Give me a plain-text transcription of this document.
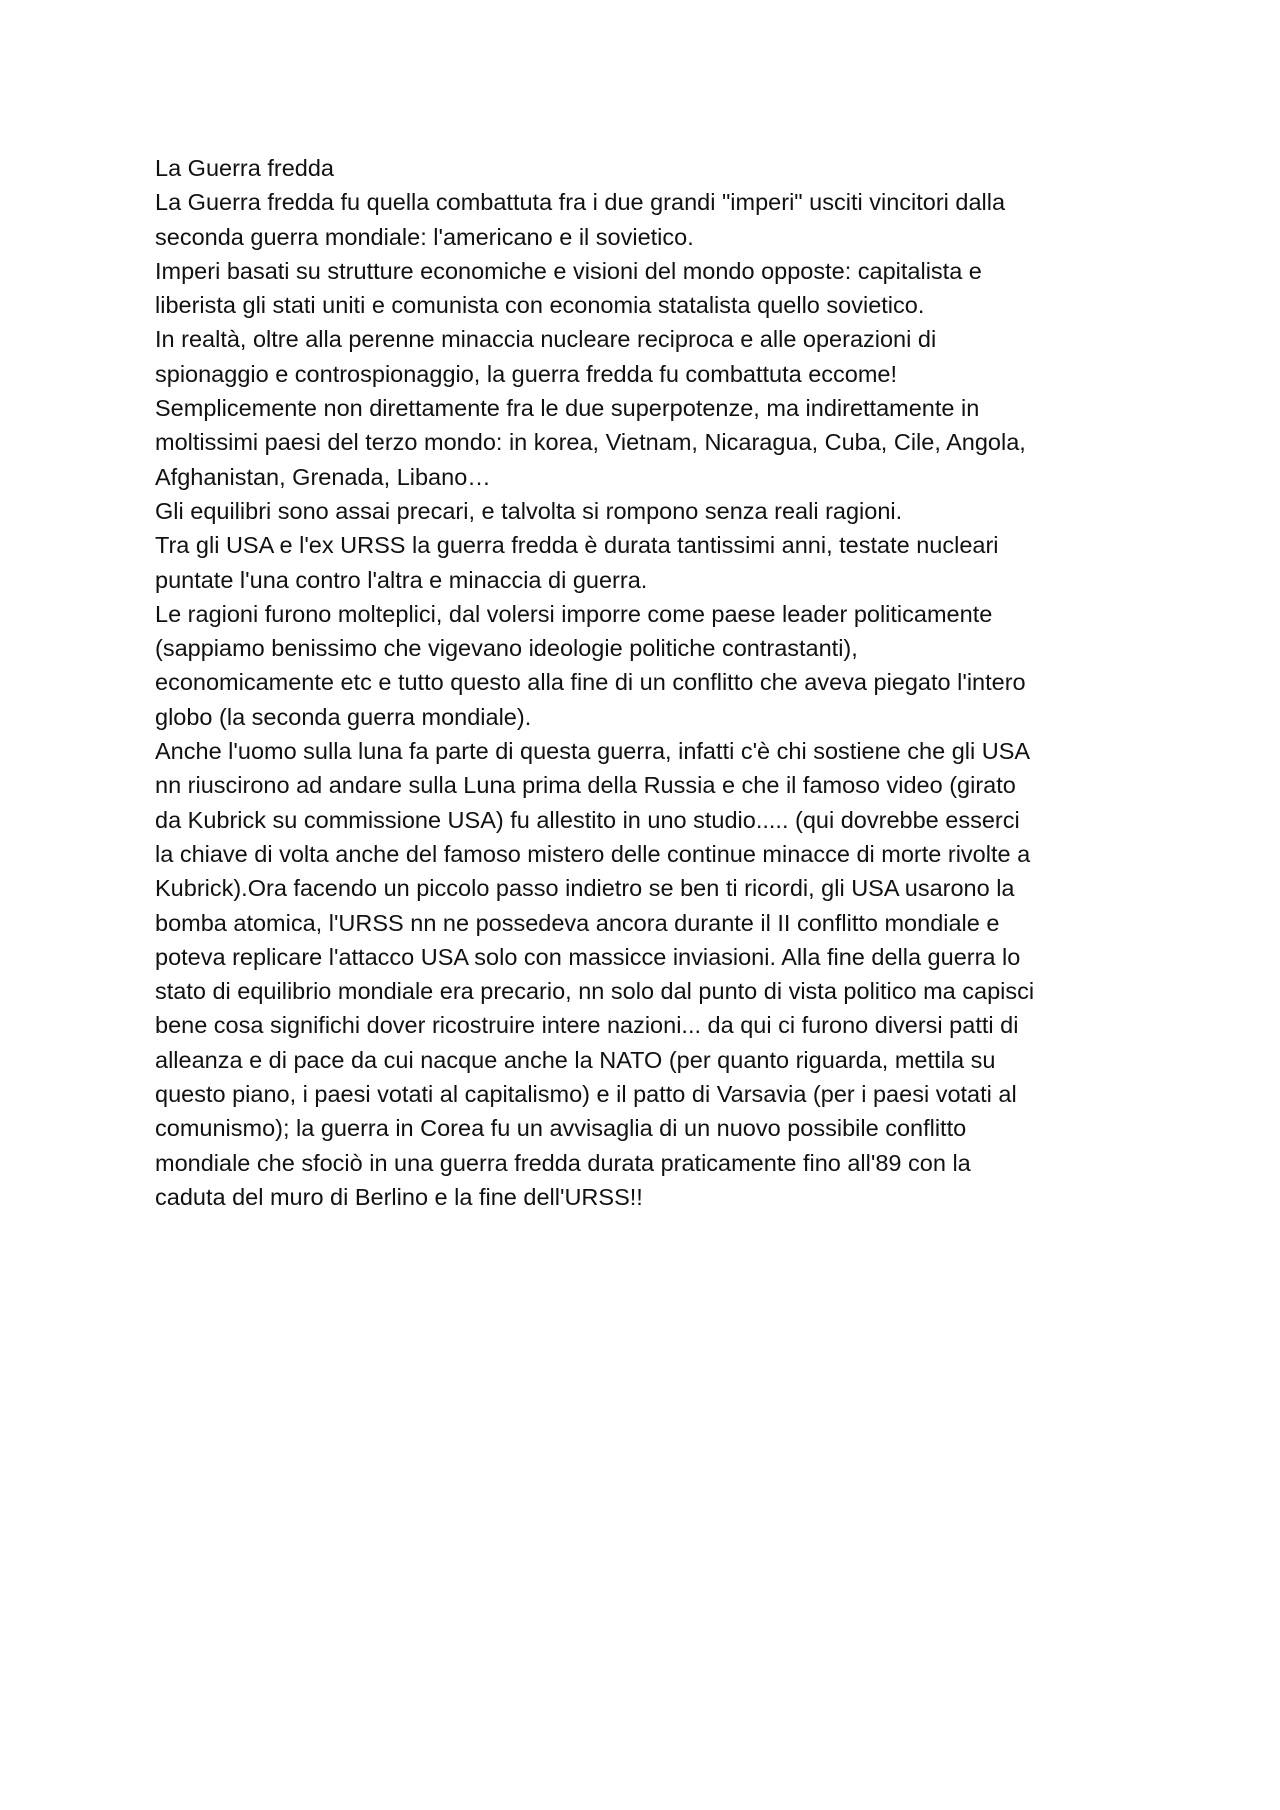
La Guerra fredda
La Guerra fredda fu quella combattuta fra i due grandi "imperi" usciti vincitori dalla
seconda guerra mondiale: l'americano e il sovietico.
Imperi basati su strutture economiche e visioni del mondo opposte: capitalista e
liberista gli stati uniti e comunista con economia statalista quello sovietico.
In realtà, oltre alla perenne minaccia nucleare reciproca e alle operazioni di
spionaggio e controspionaggio, la guerra fredda fu combattuta eccome!
Semplicemente non direttamente fra le due superpotenze, ma indirettamente in
moltissimi paesi del terzo mondo: in korea, Vietnam, Nicaragua, Cuba, Cile, Angola,
Afghanistan, Grenada, Libano…
Gli equilibri sono assai precari, e talvolta si rompono senza reali ragioni.
Tra gli USA e l'ex URSS la guerra fredda è durata tantissimi anni, testate nucleari
puntate l'una contro l'altra e minaccia di guerra.
Le ragioni furono molteplici, dal volersi imporre come paese leader politicamente
(sappiamo benissimo che vigevano ideologie politiche contrastanti),
economicamente etc e tutto questo alla fine di un conflitto che aveva piegato l'intero
globo (la seconda guerra mondiale).
Anche l'uomo sulla luna fa parte di questa guerra, infatti c'è chi sostiene che gli USA
nn riuscirono ad andare sulla Luna prima della Russia e che il famoso video (girato
da Kubrick su commissione USA) fu allestito in uno studio..... (qui dovrebbe esserci
la chiave di volta anche del famoso mistero delle continue minacce di morte rivolte a
Kubrick).Ora facendo un piccolo passo indietro se ben ti ricordi, gli USA usarono la
bomba atomica, l'URSS nn ne possedeva ancora durante il II conflitto mondiale e
poteva replicare l'attacco USA solo con massicce inviasioni. Alla fine della guerra lo
stato di equilibrio mondiale era precario, nn solo dal punto di vista politico ma capisci
bene cosa significhi dover ricostruire intere nazioni... da qui ci furono diversi patti di
alleanza e di pace da cui nacque anche la NATO (per quanto riguarda, mettila su
questo piano, i paesi votati al capitalismo) e il patto di Varsavia (per i paesi votati al
comunismo); la guerra in Corea fu un avvisaglia di un nuovo possibile conflitto
mondiale che sfociò in una guerra fredda durata praticamente fino all'89 con la
caduta del muro di Berlino e la fine dell'URSS!!
